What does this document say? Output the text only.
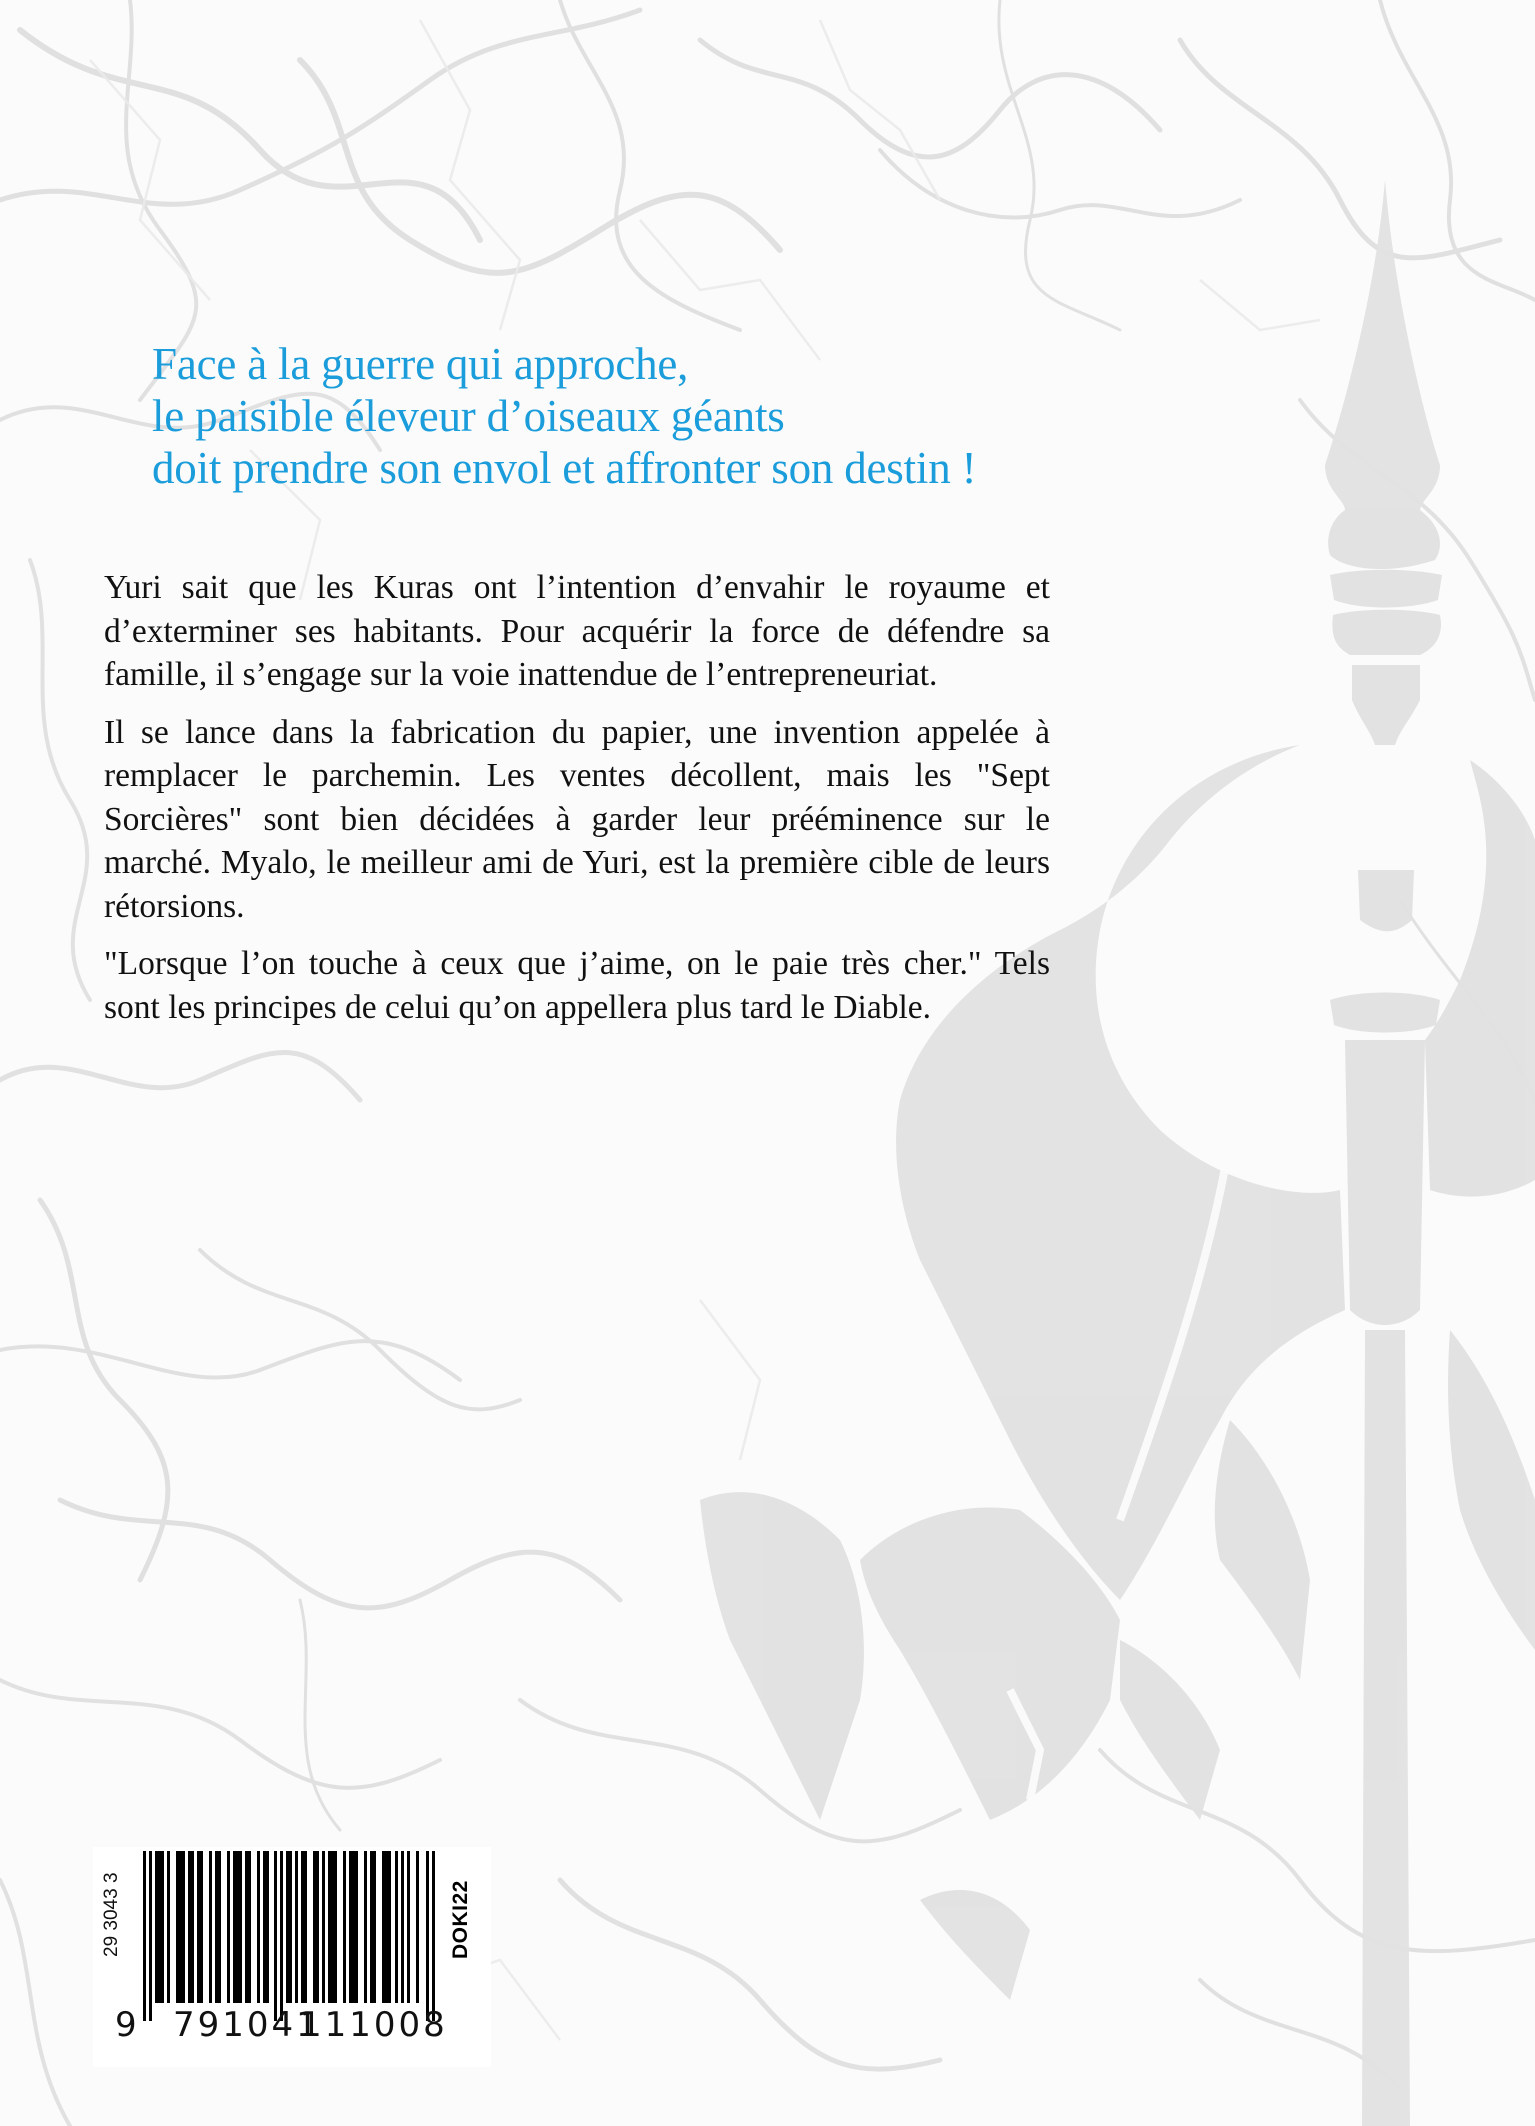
Face à la guerre qui approche,
le paisible éleveur d’oiseaux géants
doit prendre son envol et affronter son destin !

Yuri sait que les Kuras ont l’intention d’envahir le royaume et d’exterminer ses habitants. Pour acquérir la force de défendre sa famille, il s’engage sur la voie inattendue de l’entrepreneuriat.

Il se lance dans la fabrication du papier, une invention appelée à remplacer le parchemin. Les ventes décollent, mais les "Sept Sorcières" sont bien décidées à garder leur prééminence sur le marché. Myalo, le meilleur ami de Yuri, est la première cible de leurs rétorsions.

"Lorsque l’on touche à ceux que j’aime, on le paie très cher." Tels sont les principes de celui qu’on appellera plus tard le Diable.

29 3043 3
9 791041
111008
DOKI22
